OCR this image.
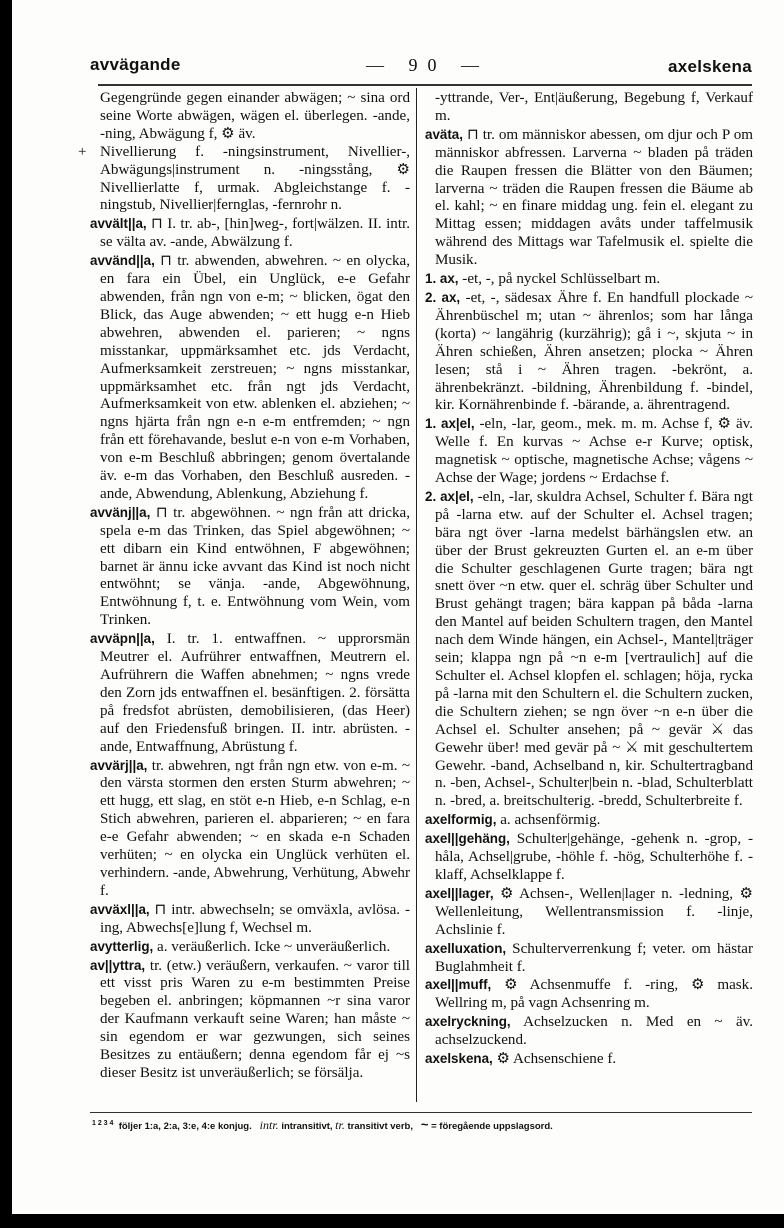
avvägande	— 90 —	axelskena

Gegengründe gegen einander abwägen; ~ sina ord seine Worte abwägen, wägen el. überlegen. -ande, -ning, Abwägung f, ⚙ äv.

+ Nivellierung f. -ningsinstrument, Nivellier-, Abwägungs|instrument n. -ningsstång, ⚙ Nivellierlatte f, urmak. Abgleichstange f. -ningstub, Nivellier|fernglas, -fernrohr n.

avvält||a, ⊓ I. tr. ab-, [hin]weg-, fort|wälzen. II. intr. se välta av. -ande, Abwälzung f.

avvänd||a, ⊓ tr. abwenden, abwehren. ~ en olycka, en fara ein Übel, ein Unglück, e-e Gefahr abwenden, från ngn von e-m; ~ blicken, ögat den Blick, das Auge abwenden; ~ ett hugg e-n Hieb abwehren, abwenden el. parieren; ~ ngns misstankar, uppmärksamhet etc. jds Verdacht, Aufmerksamkeit zerstreuen; ~ ngns misstankar, uppmärksamhet etc. från ngt jds Verdacht, Aufmerksamkeit von etw. ablenken el. abziehen; ~ ngns hjärta från ngn e-n e-m entfremden; ~ ngn från ett förehavande, beslut e-n von e-m Vorhaben, von e-m Beschluß abbringen; genom övertalande äv. e-m das Vorhaben, den Beschluß ausreden. -ande, Abwendung, Ablenkung, Abziehung f.

avvänj||a, ⊓ tr. abgewöhnen. ~ ngn från att dricka, spela e-m das Trinken, das Spiel abgewöhnen; ~ ett dibarn ein Kind entwöhnen, F abgewöhnen; barnet är ännu icke avvant das Kind ist noch nicht entwöhnt; se vänja. -ande, Abgewöhnung, Entwöhnung f, t. e. Entwöhnung vom Wein, vom Trinken.

avväpn||a, I. tr. 1. entwaffnen. ~ upprorsmän Meutrer el. Aufrührer entwaffnen, Meutrern el. Aufrührern die Waffen abnehmen; ~ ngns vrede den Zorn jds entwaffnen el. besänftigen. 2. försätta på fredsfot abrüsten, demobilisieren, (das Heer) auf den Friedensfuß bringen. II. intr. abrüsten. -ande, Entwaffnung, Abrüstung f.

avvärj||a, tr. abwehren, ngt från ngn etw. von e-m. ~ den värsta stormen den ersten Sturm abwehren; ~ ett hugg, ett slag, en stöt e-n Hieb, e-n Schlag, e-n Stich abwehren, parieren el. abparieren; ~ en fara e-e Gefahr abwenden; ~ en skada e-n Schaden verhüten; ~ en olycka ein Unglück verhüten el. verhindern. -ande, Abwehrung, Verhütung, Abwehr f.

avväxl||a, ⊓ intr. abwechseln; se omväxla, avlösa. -ing, Abwechs[e]lung f, Wechsel m.

avytterlig, a. veräußerlich. Icke ~ unveräußerlich.

av||yttra, tr. (etw.) veräußern, verkaufen. ~ varor till ett visst pris Waren zu e-m bestimmten Preise begeben el. anbringen; köpmannen ~r sina varor der Kaufmann verkauft seine Waren; han måste ~ sin egendom er war gezwungen, sich seines Besitzes zu entäußern; denna egendom får ej ~s dieser Besitz ist unveräußerlich; se försälja.

-yttrande, Ver-, Ent|äußerung, Begebung f, Verkauf m.

aväta, ⊓ tr. om människor abessen, om djur och P om människor abfressen. Larverna ~ bladen på träden die Raupen fressen die Blätter von den Bäumen; larverna ~ träden die Raupen fressen die Bäume ab el. kahl; ~ en finare middag ung. fein el. elegant zu Mittag essen; middagen avåts under taffelmusik während des Mittags war Tafelmusik el. spielte die Musik.

1. ax, -et, -, på nyckel Schlüsselbart m.

2. ax, -et, -, sädesax Ähre f. En handfull plockade ~ Ährenbüschel m; utan ~ ährenlos; som har långa (korta) ~ langährig (kurzährig); gå i ~, skjuta ~ in Ähren schießen, Ähren ansetzen; plocka ~ Ähren lesen; stå i ~ Ähren tragen. -bekrönt, a. ährenbekränzt. -bildning, Ährenbildung f. -bindel, kir. Kornährenbinde f. -bärande, a. ährentragend.

1. ax|el, -eln, -lar, geom., mek. m. m. Achse f, ⚙ äv. Welle f. En kurvas ~ Achse e-r Kurve; optisk, magnetisk ~ optische, magnetische Achse; vågens ~ Achse der Wage; jordens ~ Erdachse f.

2. ax|el, -eln, -lar, skuldra Achsel, Schulter f. Bära ngt på -larna etw. auf der Schulter el. Achsel tragen; bära ngt över -larna medelst bärhängslen etw. an über der Brust gekreuzten Gurten el. an e-m über die Schulter geschlagenen Gurte tragen; bära ngt snett över ~n etw. quer el. schräg über Schulter und Brust gehängt tragen; bära kappan på båda -larna den Mantel auf beiden Schultern tragen, den Mantel nach dem Winde hängen, ein Achsel-, Mantel|träger sein; klappa ngn på ~n e-m [vertraulich] auf die Schulter el. Achsel klopfen el. schlagen; höja, rycka på -larna mit den Schultern el. die Schultern zucken, die Schultern ziehen; se ngn över ~n e-n über die Achsel el. Schulter ansehen; på ~ gevär ⚔ das Gewehr über! med gevär på ~ ⚔ mit geschultertem Gewehr. -band, Achselband n, kir. Schultertragband n. -ben, Achsel-, Schulter|bein n. -blad, Schulterblatt n. -bred, a. breitschulterig. -bredd, Schulterbreite f.

axelformig, a. achsenförmig.

axel||gehäng, Schulter|gehänge, -gehenk n. -grop, -håla, Achsel|grube, -höhle f. -hög, Schulterhöhe f. -klaff, Achselklappe f.

axel||lager, ⚙ Achsen-, Wellen|lager n. -ledning, ⚙ Wellenleitung, Wellentransmission f. -linje, Achslinie f.

axelluxation, Schulterverrenkung f; veter. om hästar Buglahmheit f.

axel||muff, ⚙ Achsenmuffe f. -ring, ⚙ mask. Wellring m, på vagn Achsenring m.

axelryckning, Achselzucken n. Med en ~ äv. achselzuckend.

axelskena, ⚙ Achsenschiene f.

$^{1 2 3 4}$ följer 1:a, 2:a, 3:e, 4:e konjug. intr. intransitivt, tr. transitivt verb, ~ = föregående uppslagsord.
